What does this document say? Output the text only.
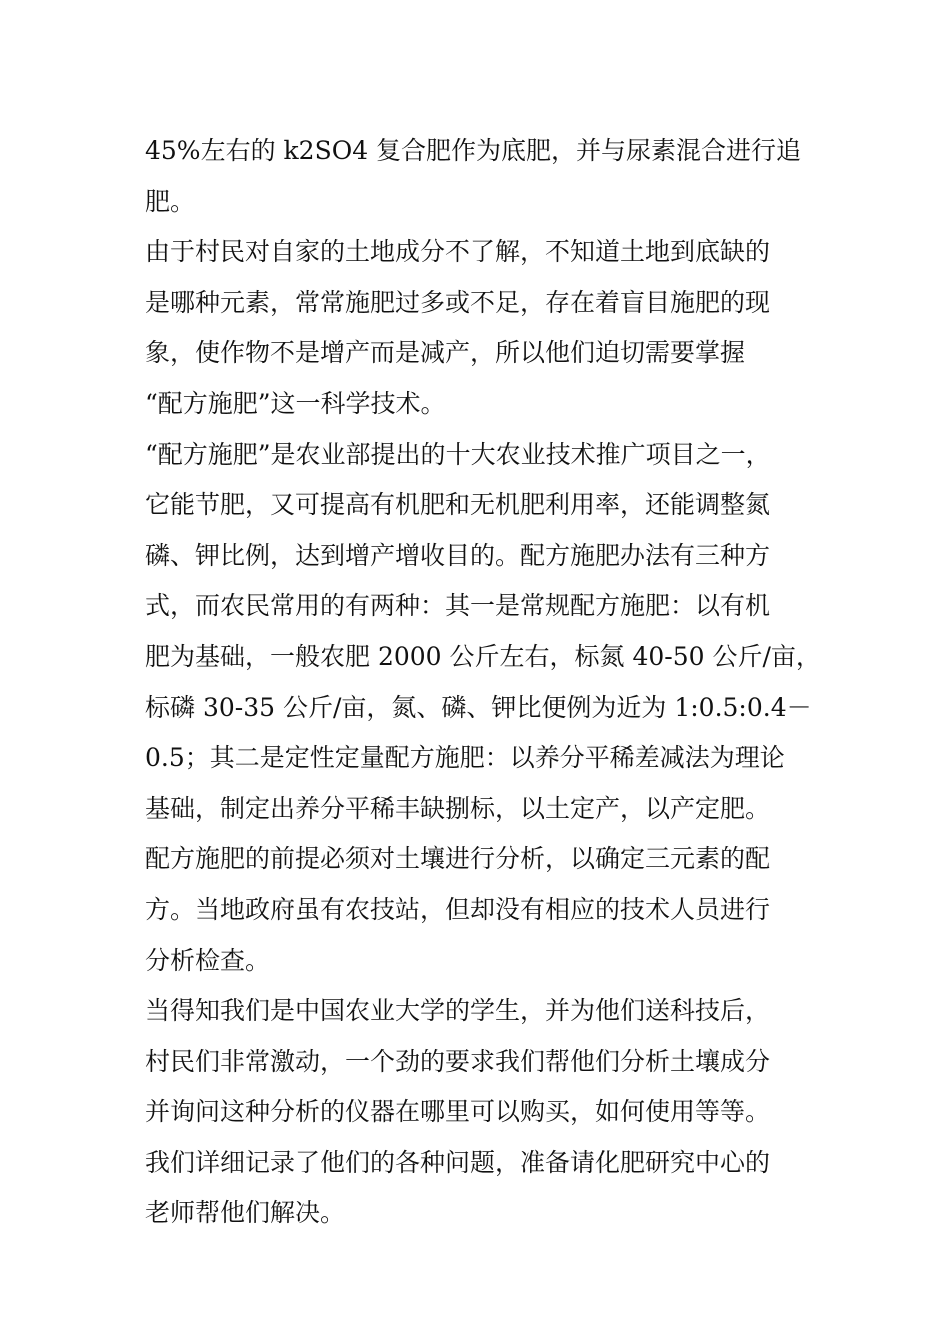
45%左右的 k2SO4 复合肥作为底肥，并与尿素混合进行追
肥。
由于村民对自家的土地成分不了解，不知道土地到底缺的
是哪种元素，常常施肥过多或不足，存在着盲目施肥的现
象，使作物不是增产而是减产，所以他们迫切需要掌握
“配方施肥”这一科学技术。
“配方施肥”是农业部提出的十大农业技术推广项目之一，
它能节肥，又可提高有机肥和无机肥利用率，还能调整氮
磷、钾比例，达到增产增收目的。配方施肥办法有三种方
式，而农民常用的有两种：其一是常规配方施肥：以有机
肥为基础，一般农肥 2000 公斤左右，标氮 40-50 公斤/亩，
标磷 30-35 公斤/亩，氮、磷、钾比便例为近为 1:0.5:0.4－
0.5；其二是定性定量配方施肥：以养分平稀差减法为理论
基础，制定出养分平稀丰缺捌标，以土定产，以产定肥。
配方施肥的前提必须对土壤进行分析，以确定三元素的配
方。当地政府虽有农技站，但却没有相应的技术人员进行
分析检查。
当得知我们是中国农业大学的学生，并为他们送科技后，
村民们非常激动，一个劲的要求我们帮他们分析土壤成分
并询问这种分析的仪器在哪里可以购买，如何使用等等。
我们详细记录了他们的各种问题，准备请化肥研究中心的
老师帮他们解决。
